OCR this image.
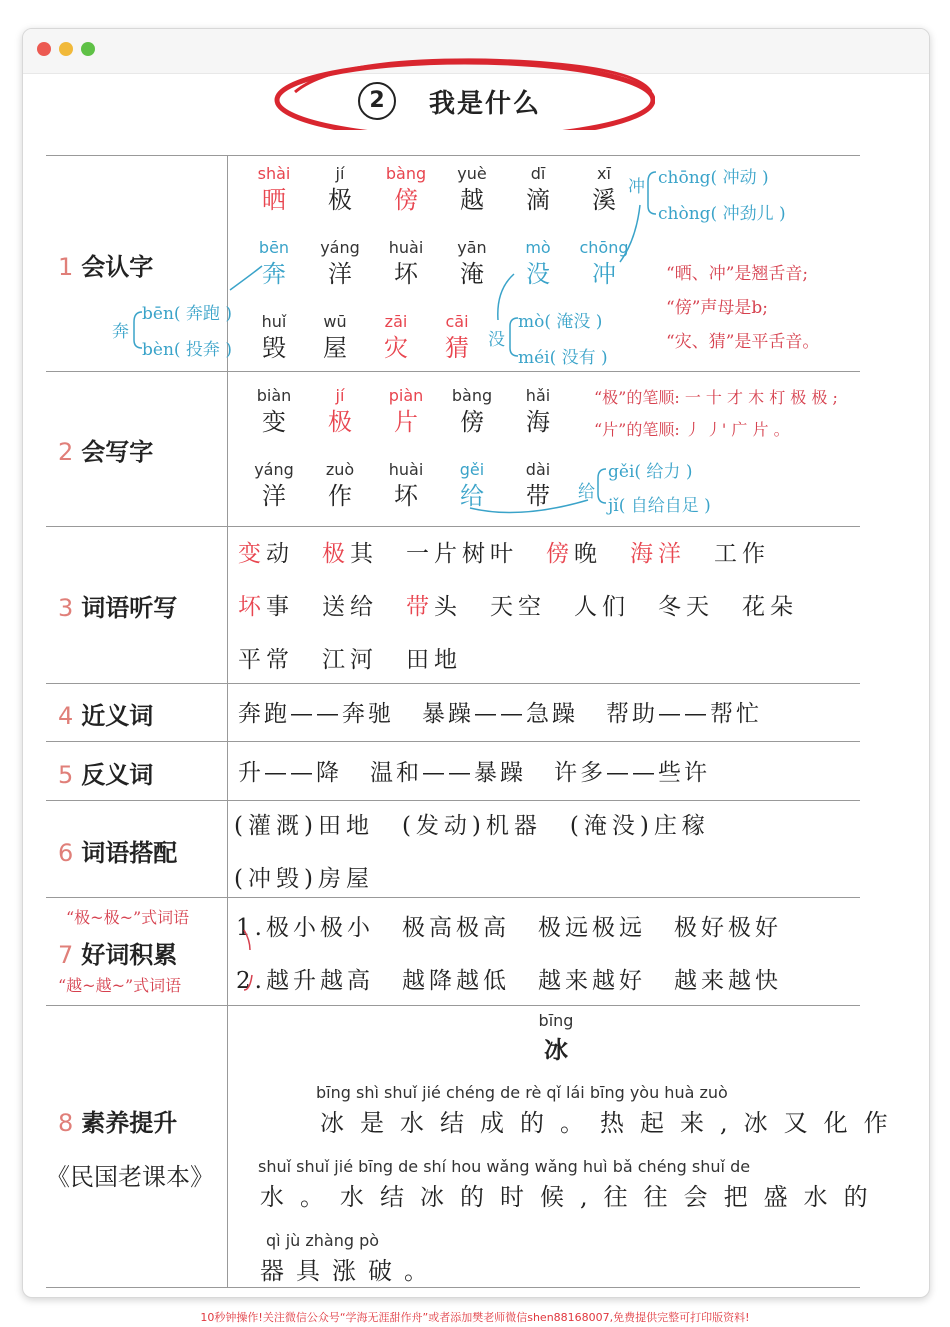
2	我是什么
1 会认字
2 会写字
3 词语听写
4 近义词
5 反义词
6 词语搭配
7 好词积累
8 素养提升
《民国老课本》
shài
晒
jí
极
bàng
傍
yuè
越
dī
滴
xī
溪
bēn
奔
yáng
洋
huài
坏
yān
淹
mò
没
chōng
冲
huǐ
毁
wū
屋
zāi
灾
cāi
猜
冲 chōng( 冲动 )
chòng( 冲劲儿 )
奔
bēn( 奔跑 )
bèn( 投奔 )	没
mò( 淹没 )
méi( 没有 )
“晒、冲”是翘舌音;
“傍”声母是b;
“灾、猜”是平舌音。
biàn
变
jí
极
piàn
片
bàng
傍
hǎi
海
yáng
洋
zuò
作
huài
坏
gěi
给
dài
带
“极”的笔顺: 一 十 才 木 朾 极 极 ;
“片”的笔顺: 丿 丿' 广 片 。
给
gěi( 给力 )
jǐ( 自给自足 )
变动 极其 一片树叶 傍晚 海洋 工作
坏事 送给 带头 天空 人们 冬天 花朵
平常 江河 田地
奔跑——奔驰 暴躁——急躁 帮助——帮忙
升——降 温和——暴躁 许多——些许
(灌溉)田地 (发动)机器 (淹没)庄稼
(冲毁)房屋
“极~极~”式词语
“越~越~”式词语
1.极小极小 极高极高 极远极远 极好极好
2.越升越高 越降越低 越来越好 越来越快
bīng
冰
bīng shì shuǐ jié chéng de rè qǐ lái bīng yòu huà zuò
冰是水结成的。热起来,冰又化作
shuǐ shuǐ jié bīng de shí hou wǎng wǎng huì bǎ chéng shuǐ de
水。水结冰的时候,往往会把盛水的
qì jù zhàng pò
器具涨破。
10秒钟操作!关注微信公众号“学海无涯甜作舟”或者添加樊老师微信shen88168007,免费提供完整可打印版资料!
